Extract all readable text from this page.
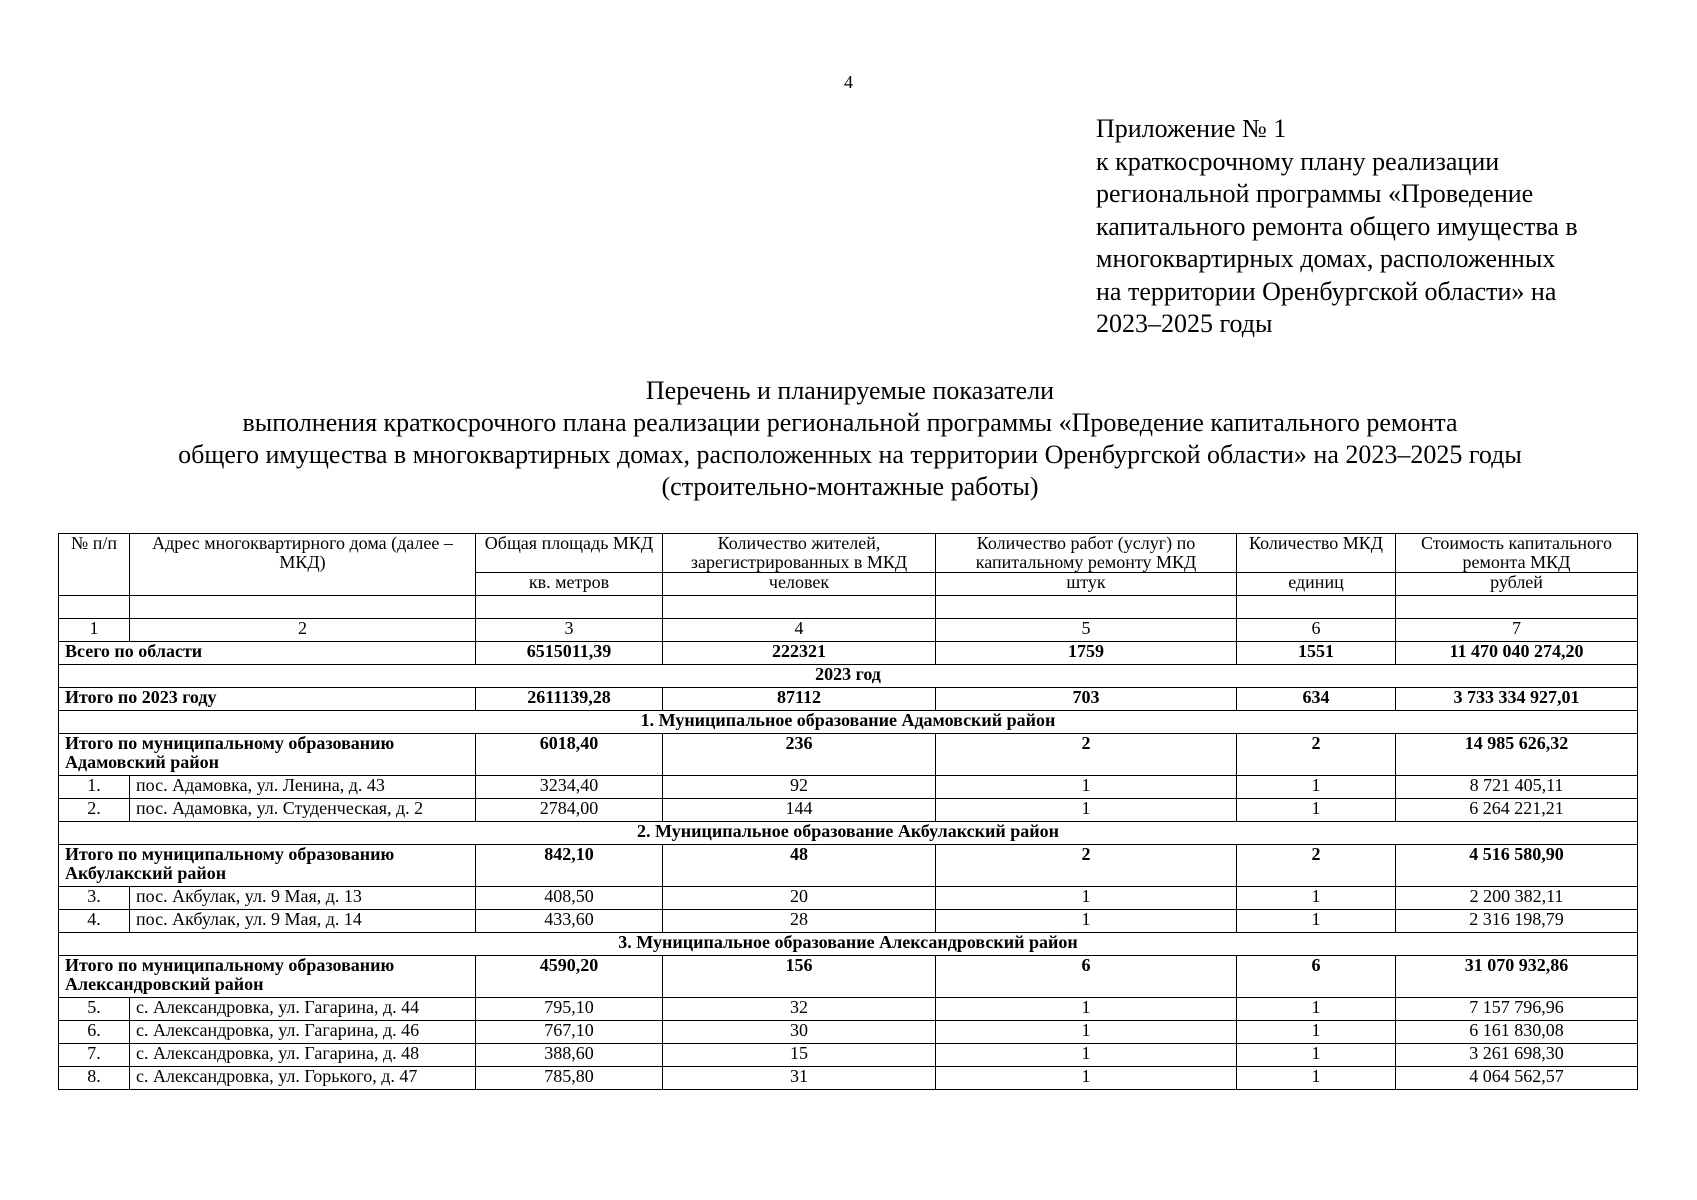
4
Приложение № 1
к краткосрочному плану реализации
региональной программы «Проведение
капитального ремонта общего имущества в
многоквартирных домах, расположенных
на территории Оренбургской области» на
2023–2025 годы
Перечень и планируемые показатели
выполнения краткосрочного плана реализации региональной программы «Проведение капитального ремонта
общего имущества в многоквартирных домах, расположенных на территории Оренбургской области» на 2023–2025 годы
(строительно-монтажные работы)
№ п/п	Адрес многоквартирного дома (далее – МКД)	Общая площадь МКД	Количество жителей, зарегистрированных в МКД	Количество работ (услуг) по капитальному ремонту МКД	Количество МКД	Стоимость капитального ремонта МКД
		кв. метров	человек	штук	единиц	рублей

1	2	3	4	5	6	7
Всего по области		6515011,39	222321	1759	1551	11 470 040 274,20
2023 год						
Итого по 2023 году		2611139,28	87112	703	634	3 733 334 927,01
1. Муниципальное образование Адамовский район						
Итого по муниципальному образованию Адамовский район		6018,40	236	2	2	14 985 626,32
1.	пос. Адамовка, ул. Ленина, д. 43	3234,40	92	1	1	8 721 405,11
2.	пос. Адамовка, ул. Студенческая, д. 2	2784,00	144	1	1	6 264 221,21
2. Муниципальное образование Акбулакский район						
Итого по муниципальному образованию Акбулакский район		842,10	48	2	2	4 516 580,90
3.	пос. Акбулак, ул. 9 Мая, д. 13	408,50	20	1	1	2 200 382,11
4.	пос. Акбулак, ул. 9 Мая, д. 14	433,60	28	1	1	2 316 198,79
3. Муниципальное образование Александровский район						
Итого по муниципальному образованию Александровский район		4590,20	156	6	6	31 070 932,86
5.	с. Александровка, ул. Гагарина, д. 44	795,10	32	1	1	7 157 796,96
6.	с. Александровка, ул. Гагарина, д. 46	767,10	30	1	1	6 161 830,08
7.	с. Александровка, ул. Гагарина, д. 48	388,60	15	1	1	3 261 698,30
8.	с. Александровка, ул. Горького, д. 47	785,80	31	1	1	4 064 562,57
